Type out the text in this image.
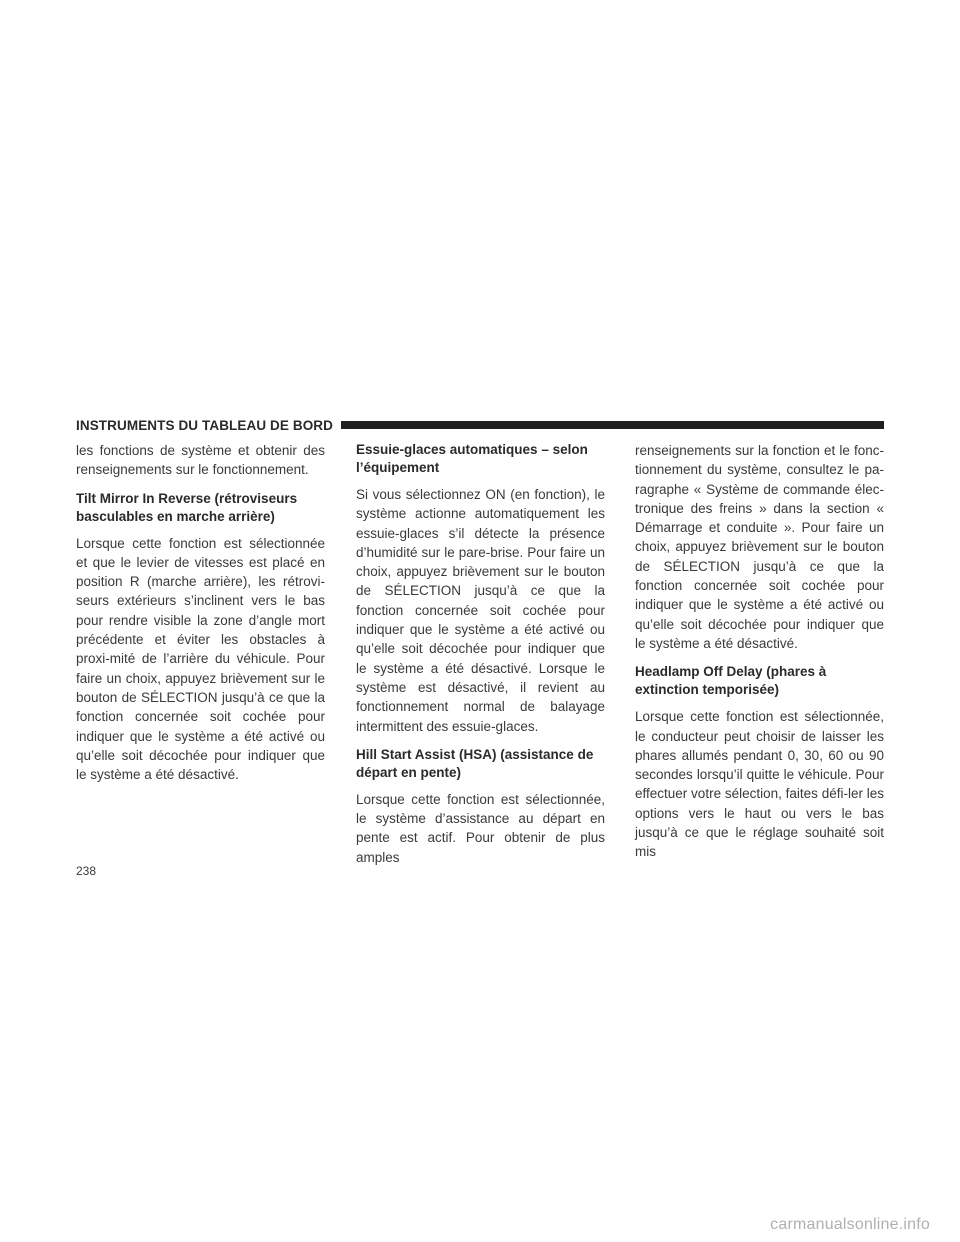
INSTRUMENTS DU TABLEAU DE BORD

les fonctions de système et obtenir des renseignements sur le fonctionnement.

Tilt Mirror In Reverse (rétroviseurs basculables en marche arrière)

Lorsque cette fonction est sélectionnée et que le levier de vitesses est placé en position R (marche arrière), les rétrovi-seurs extérieurs s’inclinent vers le bas pour rendre visible la zone d’angle mort précédente et éviter les obstacles à proxi-mité de l’arrière du véhicule. Pour faire un choix, appuyez brièvement sur le bouton de SÉLECTION jusqu’à ce que la fonction concernée soit cochée pour indiquer que le système a été activé ou qu’elle soit décochée pour indiquer que le système a été désactivé.

Essuie-glaces automatiques – selon l’équipement

Si vous sélectionnez ON (en fonction), le système actionne automatiquement les essuie-glaces s’il détecte la présence d’humidité sur le pare-brise. Pour faire un choix, appuyez brièvement sur le bouton de SÉLECTION jusqu’à ce que la fonction concernée soit cochée pour indiquer que le système a été activé ou qu’elle soit décochée pour indiquer que le système a été désactivé. Lorsque le système est désactivé, il revient au fonctionnement normal de balayage intermittent des essuie-glaces.

Hill Start Assist (HSA) (assistance de départ en pente)

Lorsque cette fonction est sélectionnée, le système d’assistance au départ en pente est actif. Pour obtenir de plus amples

renseignements sur la fonction et le fonc-tionnement du système, consultez le pa-ragraphe « Système de commande élec-tronique des freins » dans la section « Démarrage et conduite ». Pour faire un choix, appuyez brièvement sur le bouton de SÉLECTION jusqu’à ce que la fonction concernée soit cochée pour indiquer que le système a été activé ou qu’elle soit décochée pour indiquer que le système a été désactivé.

Headlamp Off Delay (phares à extinction temporisée)

Lorsque cette fonction est sélectionnée, le conducteur peut choisir de laisser les phares allumés pendant 0, 30, 60 ou 90 secondes lorsqu’il quitte le véhicule. Pour effectuer votre sélection, faites défi-ler les options vers le haut ou vers le bas jusqu’à ce que le réglage souhaité soit mis

238
carmanualsonline.info
